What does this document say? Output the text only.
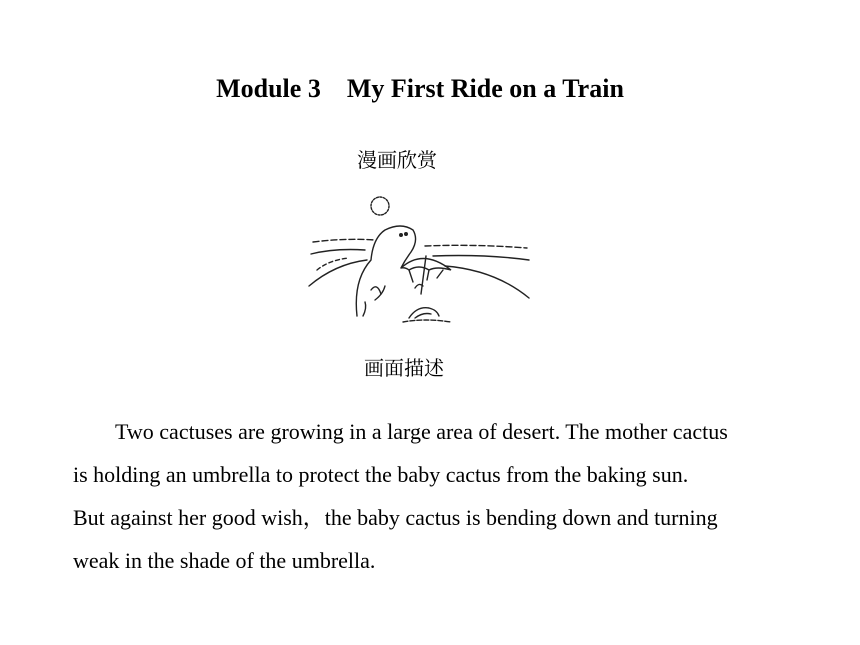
Module 3　My First Ride on a Train
漫画欣赏
画面描述

Two cactuses are growing in a large area of desert. The mother cactus
is holding an umbrella to protect the baby cactus from the baking sun.
But against her good wish，the baby cactus is bending down and turning
weak in the shade of the umbrella.
